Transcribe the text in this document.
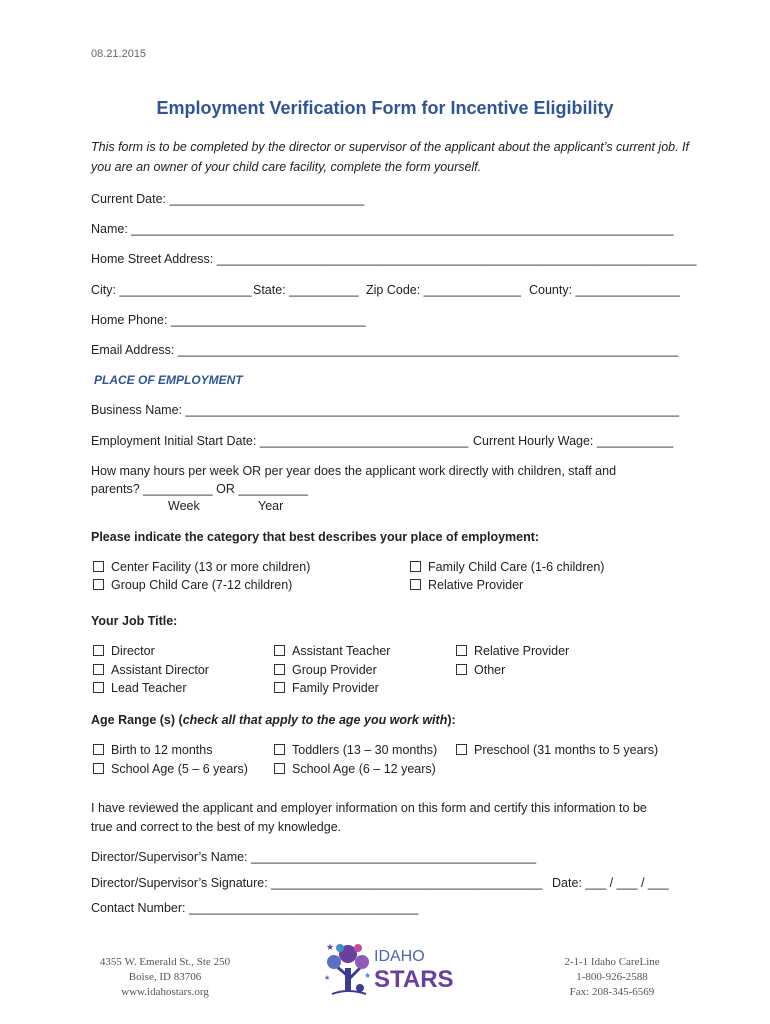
08.21.2015
Employment Verification Form for Incentive Eligibility
This form is to be completed by the director or supervisor of the applicant about the applicant’s current job. If you are an owner of your child care facility, complete the form yourself.
Current Date: ____________________________
Name: ______________________________________________________________________________
Home Street Address: _____________________________________________________________________
City: ___________________ State: __________ Zip Code: ______________ County: _______________
Home Phone: ____________________________
Email Address: ________________________________________________________________________
PLACE OF EMPLOYMENT
Business Name: _______________________________________________________________________
Employment Initial Start Date: ______________________________ Current Hourly Wage: ___________
How many hours per week OR per year does the applicant work directly with children, staff and
parents? __________ OR __________
Week	Year
Please indicate the category that best describes your place of employment:
Center Facility (13 or more children)
Group Child Care (7-12 children)
Family Child Care (1-6 children)
Relative Provider
Your Job Title:
Director
Assistant Director
Lead Teacher
Assistant Teacher
Group Provider
Family Provider
Relative Provider
Other
Age Range (s) (check all that apply to the age you work with):
Birth to 12 months
School Age (5 – 6 years)
Toddlers (13 – 30 months)
School Age (6 – 12 years)
Preschool (31 months to 5 years)
I have reviewed the applicant and employer information on this form and certify this information to be
true and correct to the best of my knowledge.
Director/Supervisor’s Name: _________________________________________
Director/Supervisor’s Signature: _______________________________________ Date: ___ / ___ / ___
Contact Number: _________________________________
4355 W. Emerald St., Ste 250
Boise, ID 83706
www.idahostars.org
★
★
★
IDAHO
STARS
2-1-1 Idaho CareLine
1-800-926-2588
Fax: 208-345-6569
